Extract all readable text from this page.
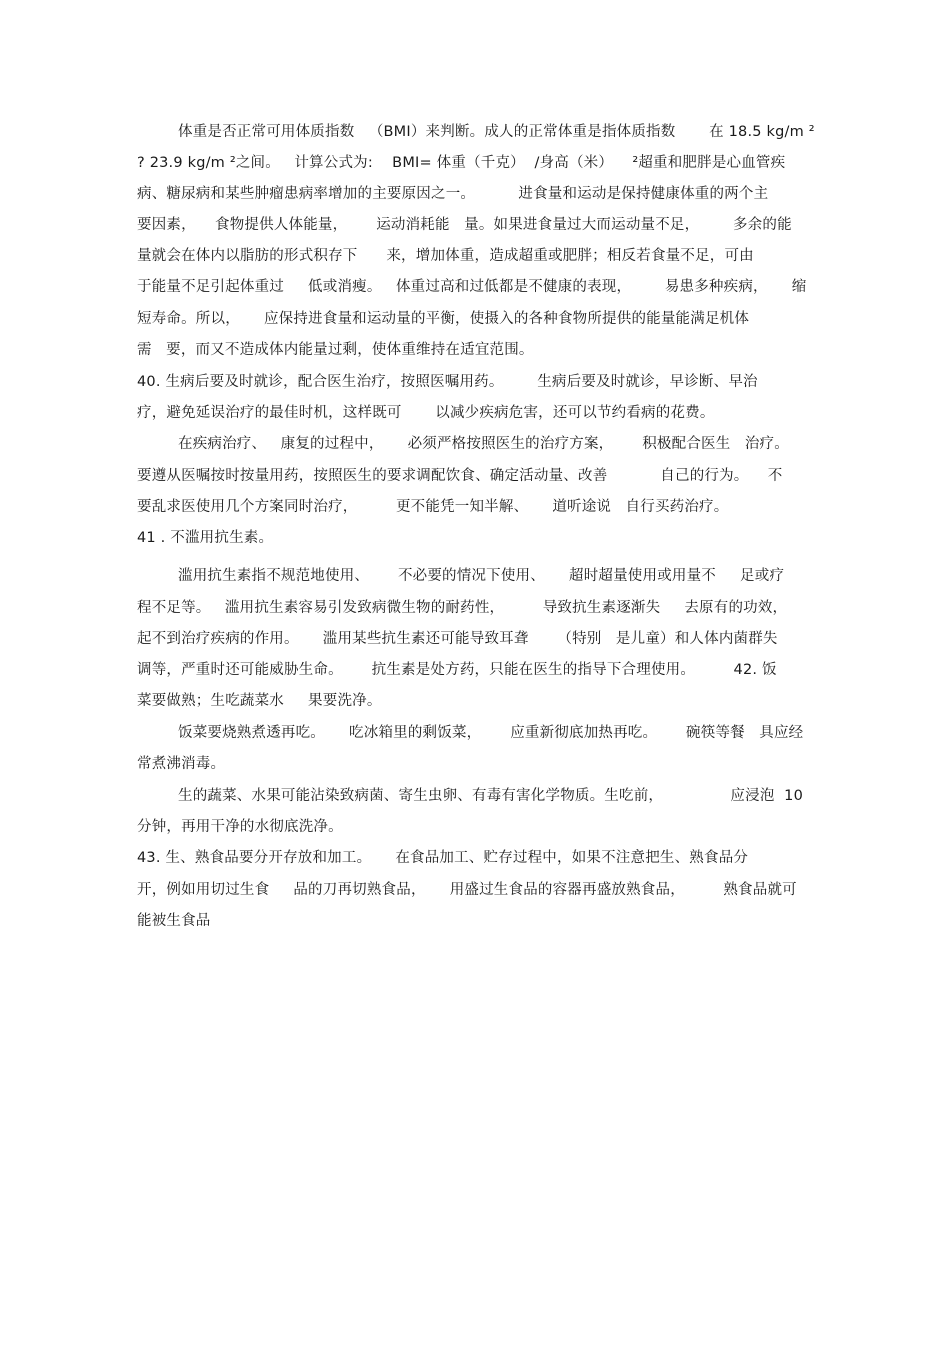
体重是否正常可用体质指数   （BMI）来判断。成人的正常体重是指体质指数       在 18.5 kg/m ²
? 23.9 kg/m ²之间。   计算公式为:    BMI= 体重（千克）  /身高（米）    ²超重和肥胖是心血管疾
病、糖尿病和某些肿瘤患病率增加的主要原因之一。         进食量和运动是保持健康体重的两个主
要因素，    食物提供人体能量，      运动消耗能   量。如果进食量过大而运动量不足，       多余的能
量就会在体内以脂肪的形式积存下      来，增加体重，造成超重或肥胖；相反若食量不足，可由
于能量不足引起体重过     低或消瘦。   体重过高和过低都是不健康的表现，       易患多种疾病，     缩
短寿命。所以，     应保持进食量和运动量的平衡，使摄入的各种食物所提供的能量能满足机体
需   要，而又不造成体内能量过剩，使体重维持在适宜范围。
40. 生病后要及时就诊，配合医生治疗，按照医嘱用药。       生病后要及时就诊，早诊断、早治
疗，避免延误治疗的最佳时机，这样既可       以减少疾病危害，还可以节约看病的花费。
在疾病治疗、   康复的过程中，     必须严格按照医生的治疗方案，      积极配合医生   治疗。
要遵从医嘱按时按量用药，按照医生的要求调配饮食、确定活动量、改善           自己的行为。    不
要乱求医使用几个方案同时治疗，        更不能凭一知半解、     道听途说   自行买药治疗。
41 . 不滥用抗生素。
滥用抗生素指不规范地使用、      不必要的情况下使用、     超时超量使用或用量不     足或疗
程不足等。   滥用抗生素容易引发致病微生物的耐药性，        导致抗生素逐渐失     去原有的功效，
起不到治疗疾病的作用。     滥用某些抗生素还可能导致耳聋      （特别   是儿童）和人体内菌群失
调等，严重时还可能威胁生命。      抗生素是处方药，只能在医生的指导下合理使用。        42. 饭
菜要做熟；生吃蔬菜水     果要洗净。
饭菜要烧熟煮透再吃。     吃冰箱里的剩饭菜，      应重新彻底加热再吃。      碗筷等餐   具应经
常煮沸消毒。
生的蔬菜、水果可能沾染致病菌、寄生虫卵、有毒有害化学物质。生吃前，              应浸泡  10
分钟，再用干净的水彻底洗净。
43. 生、熟食品要分开存放和加工。     在食品加工、贮存过程中，如果不注意把生、熟食品分
开，例如用切过生食     品的刀再切熟食品，     用盛过生食品的容器再盛放熟食品，        熟食品就可
能被生食品
